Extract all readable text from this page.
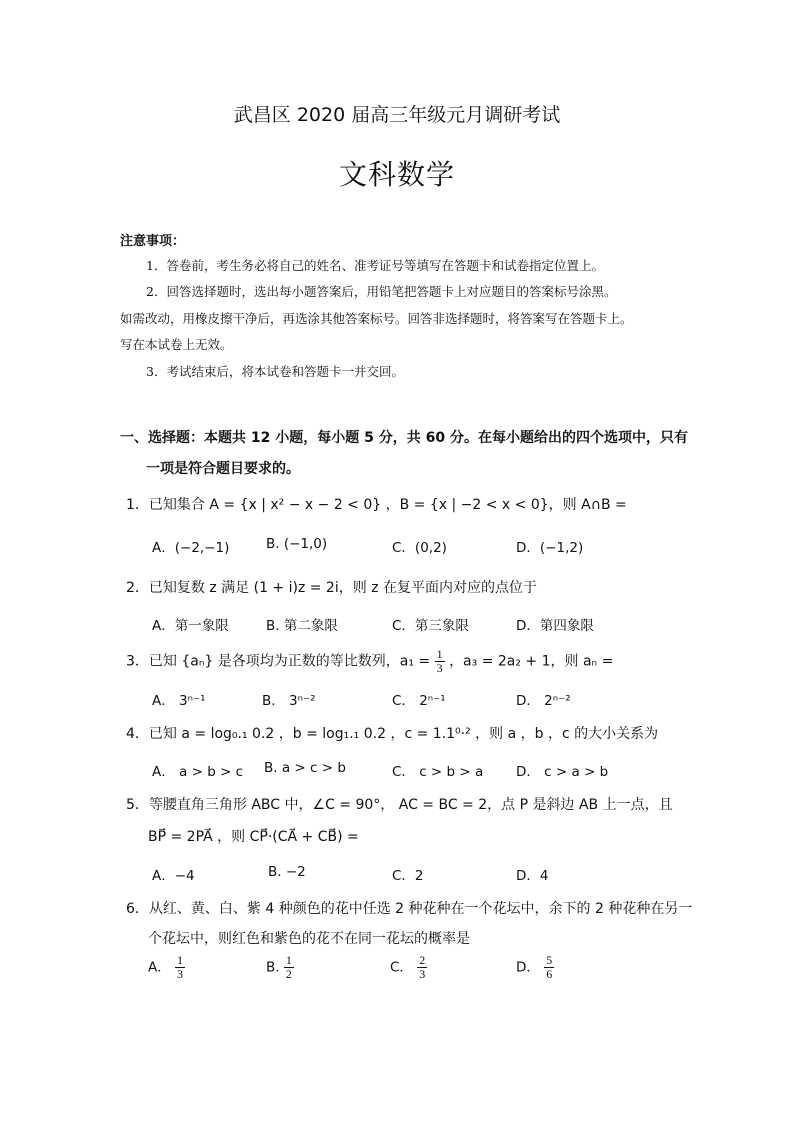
武昌区 2020 届高三年级元月调研考试
文科数学
注意事项：
1．答卷前，考生务必将自己的姓名、准考证号等填写在答题卡和试卷指定位置上。
2．回答选择题时，选出每小题答案后，用铅笔把答题卡上对应题目的答案标号涂黑。
如需改动，用橡皮擦干净后，再选涂其他答案标号。回答非选择题时，将答案写在答题卡上。
写在本试卷上无效。
3．考试结束后，将本试卷和答题卡一并交回。
一、选择题：本题共 12 小题，每小题 5 分，共 60 分。在每小题给出的四个选项中，只有
一项是符合题目要求的。
1．已知集合 A = {x | x² − x − 2 < 0} ，B = {x | −2 < x < 0}，则 A∩B =
A．(−2,−1)	B. (−1,0)	C．(0,2)	D．(−1,2)
2．已知复数 z 满足 (1 + i)z = 2i，则 z 在复平面内对应的点位于
A．第一象限	B. 第二象限	C．第三象限	D．第四象限
3．已知 {aₙ} 是各项均为正数的等比数列，$a_1 = \frac{1}{3}$ ，a₃ = 2a₂ + 1，则 aₙ =
A． 3ⁿ⁻¹	B． 3ⁿ⁻²	C． 2ⁿ⁻¹	D． 2ⁿ⁻²
4．已知 a = log₀.₁ 0.2 ，b = log₁.₁ 0.2 ，c = 1.1⁰·² ，则 a ，b ，c 的大小关系为
A． a > b > c B. a > c > b	C． c > b > a D． c > a > b
5．等腰直角三角形 ABC 中，∠C = 90°， AC = BC = 2，点 P 是斜边 AB 上一点，且
BP⃗ = 2PA⃗ ，则 CP⃗·(CA⃗ + CB⃗) =
A．−4	B. −2	C．2	D．4
6．从红、黄、白、紫 4 种颜色的花中任选 2 种花种在一个花坛中，余下的 2 种花种在另一
个花坛中，则红色和紫色的花不在同一花坛的概率是
A． $\frac{1}{3}$	B. $\frac{1}{2}$	C． $\frac{2}{3}$	D． $\frac{5}{6}$
